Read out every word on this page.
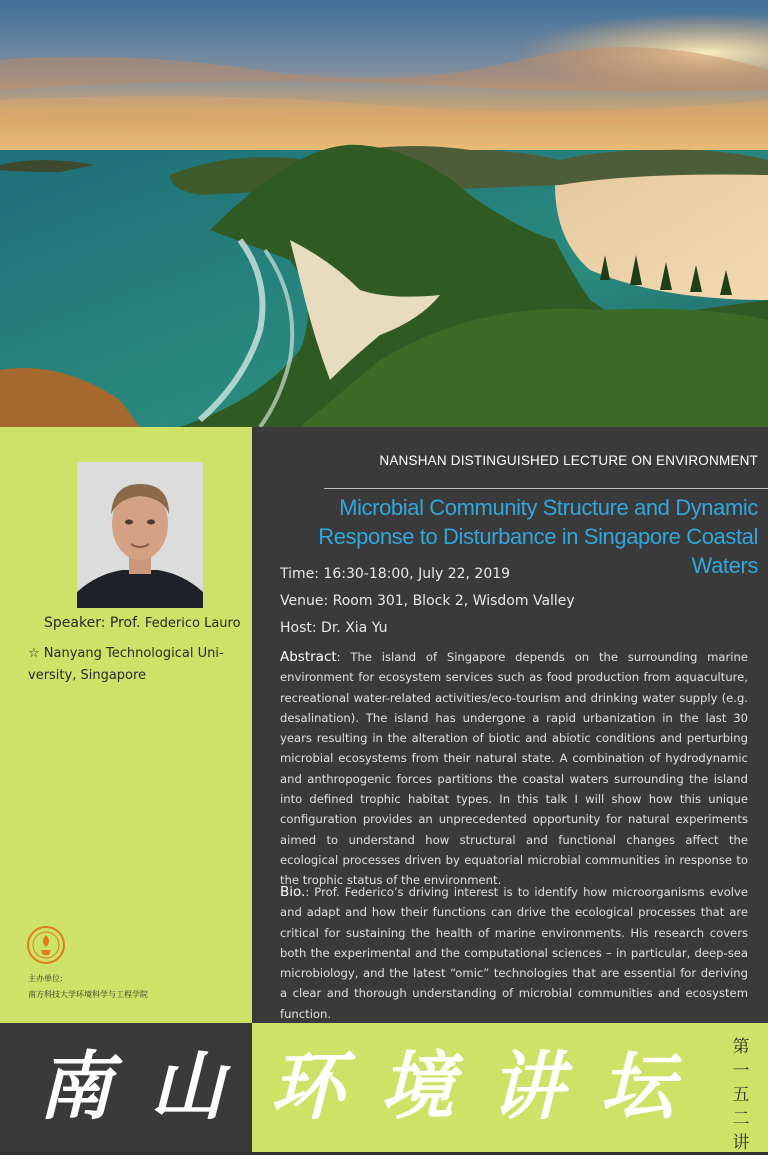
Speaker: Prof. Federico Lauro
☆ Nanyang Technological Uni-
versity, Singapore
主办单位:
南方科技大学环境科学与工程学院
NANSHAN DISTINGUISHED LECTURE ON ENVIRONMENT
Microbial Community Structure and Dynamic
Response to Disturbance in Singapore Coastal Waters
Time: 16:30-18:00, July 22, 2019
Venue: Room 301, Block 2, Wisdom Valley
Host: Dr. Xia Yu
Abstract: The island of Singapore depends on the surrounding marine environment for ecosystem services such as food production from aquaculture, recreational water-related activities/eco-tourism and drinking water supply (e.g. desalination). The island has undergone a rapid urbanization in the last 30 years resulting in the alteration of biotic and abiotic conditions and perturbing microbial ecosystems from their natural state. A combination of hydrodynamic and anthropogenic forces partitions the coastal waters surrounding the island into defined trophic habitat types. In this talk I will show how this unique configuration provides an unprecedented opportunity for natural experiments aimed to understand how structural and functional changes affect the ecological processes driven by equatorial microbial communities in response to the trophic status of the environment.
Bio.: Prof. Federico’s driving interest is to identify how microorganisms evolve and adapt and how their functions can drive the ecological processes that are critical for sustaining the health of marine environments. His research covers both the experimental and the computational sciences – in particular, deep-sea microbiology, and the latest “omic” technologies that are essential for deriving a clear and thorough understanding of microbial communities and ecosystem function.
南 山 环 境 讲 坛	第
一
五
二
讲
